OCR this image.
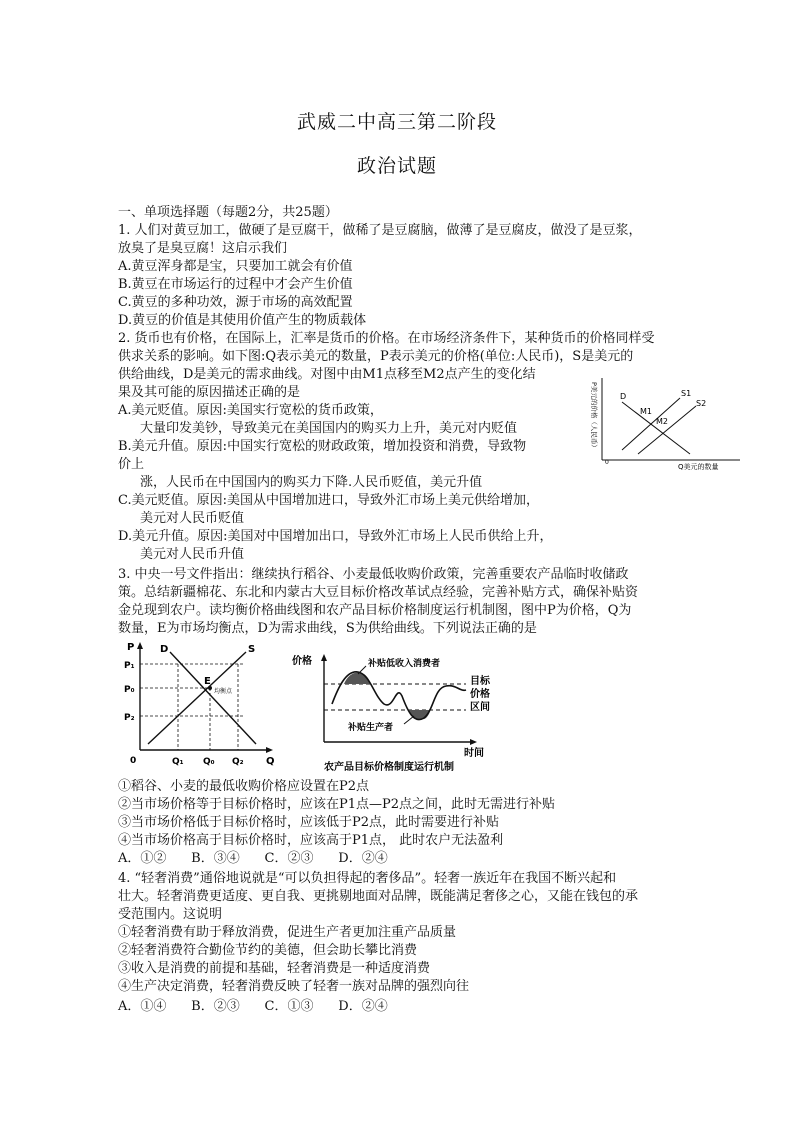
武威二中高三第二阶段
政治试题
一、单项选择题（每题2分，共25题）
1. 人们对黄豆加工，做硬了是豆腐干，做稀了是豆腐脑，做薄了是豆腐皮，做没了是豆浆，
放臭了是臭豆腐！这启示我们
A.黄豆浑身都是宝，只要加工就会有价值
B.黄豆在市场运行的过程中才会产生价值
C.黄豆的多种功效，源于市场的高效配置
D.黄豆的价值是其使用价值产生的物质载体
2. 货币也有价格，在国际上，汇率是货币的价格。在市场经济条件下，某种货币的价格同样受
供求关系的影响。如下图:Q表示美元的数量，P表示美元的价格(单位:人民币)，S是美元的
供给曲线，D是美元的需求曲线。对图中由M1点移至M2点产生的变化结
果及其可能的原因描述正确的是
A.美元贬值。原因:美国实行宽松的货币政策，
大量印发美钞，导致美元在美国国内的购买力上升，美元对内贬值
B.美元升值。原因:中国实行宽松的财政政策，增加投资和消费，导致物
价上
涨，人民币在中国国内的购买力下降.人民币贬值，美元升值
C.美元贬值。原因:美国从中国增加进口，导致外汇市场上美元供给增加，
美元对人民币贬值
D.美元升值。原因:美国对中国增加出口，导致外汇市场上人民币供给上升，
美元对人民币升值
P美元的价格（人民币）
0
Q美元的数量
D	S1
S2
M1
M2
3. 中央一号文件指出：继续执行稻谷、小麦最低收购价政策，完善重要农产品临时收储政
策。总结新疆棉花、东北和内蒙古大豆目标价格改革试点经验，完善补贴方式，确保补贴资
金兑现到农户。读均衡价格曲线图和农产品目标价格制度运行机制图，图中P为价格，Q为
数量，E为市场均衡点，D为需求曲线，S为供给曲线。下列说法正确的是
P
P₁
P₀
P₂
D	S
E
均衡点
0	Q₁ Q₀ Q₂ Q
价格
时间
补贴低收入消费者
补贴生产者
目标
价格
区间
农产品目标价格制度运行机制
①稻谷、小麦的最低收购价格应设置在P2点
②当市场价格等于目标价格时，应该在P1点—P2点之间，此时无需进行补贴
③当市场价格低于目标价格时，应该低于P2点，此时需要进行补贴
④当市场价格高于目标价格时，应该高于P1点， 此时农户无法盈利
A．①②      B．③④      C．②③      D．②④
4. “轻奢消费”通俗地说就是“可以负担得起的奢侈品”。轻奢一族近年在我国不断兴起和
壮大。轻奢消费更适度、更自我、更挑剔地面对品牌，既能满足奢侈之心，又能在钱包的承
受范围内。这说明
①轻奢消费有助于释放消费，促进生产者更加注重产品质量
②轻奢消费符合勤俭节约的美德，但会助长攀比消费
③收入是消费的前提和基础，轻奢消费是一种适度消费
④生产决定消费，轻奢消费反映了轻奢一族对品牌的强烈向往
A．①④      B．②③      C．①③      D．②④
